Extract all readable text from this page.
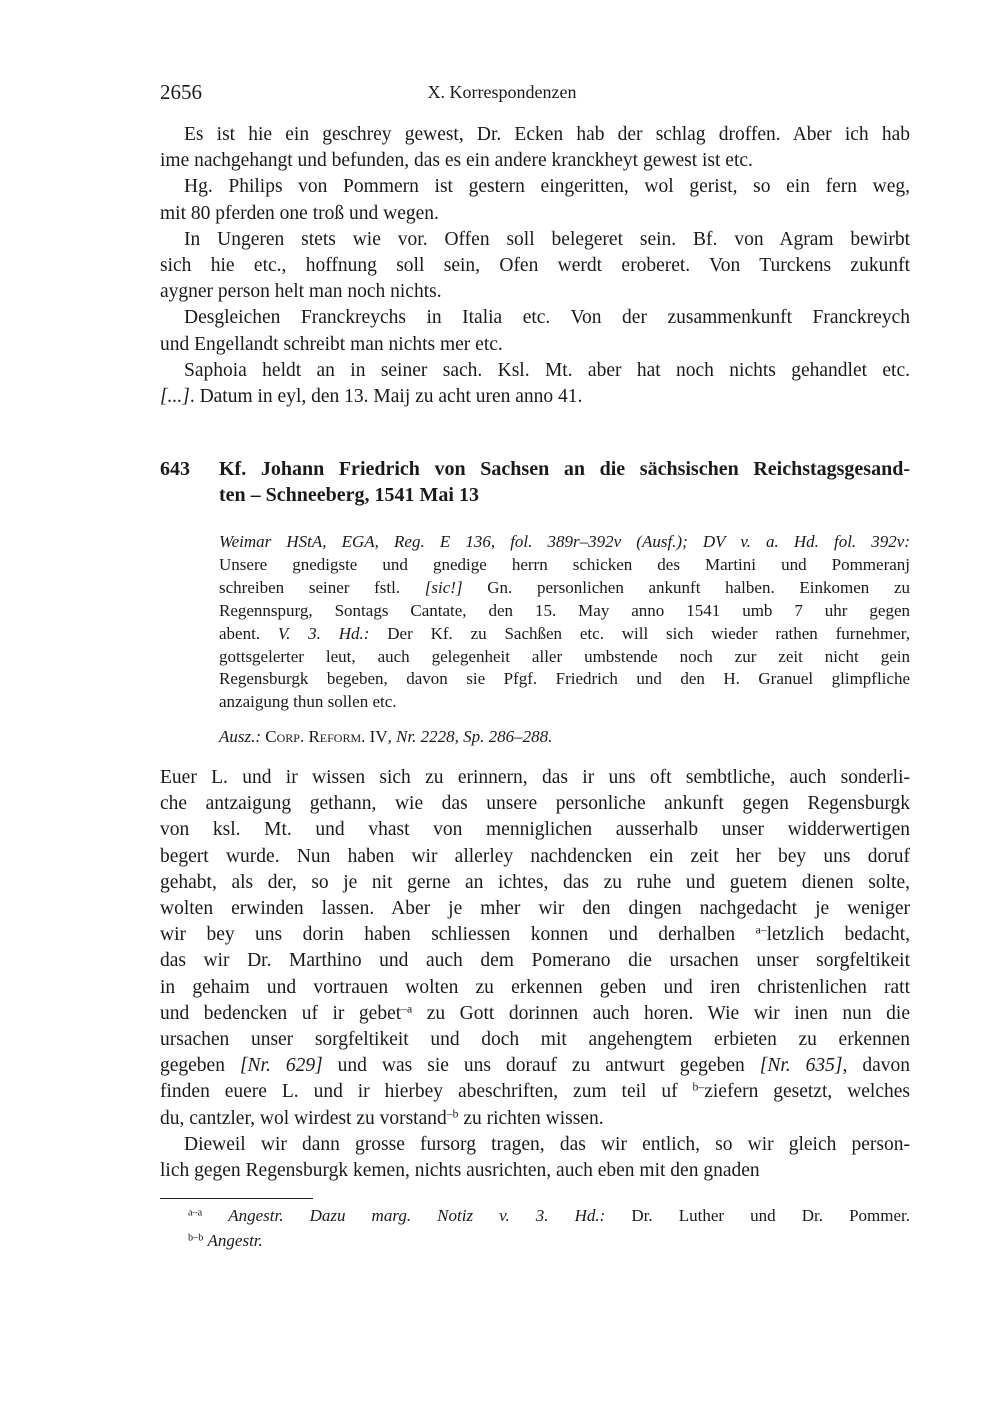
2656	X. Korrespondenzen
Es ist hie ein geschrey gewest, Dr. Ecken hab der schlag droffen. Aber ich hab
ime nachgehangt und befunden, das es ein andere kranckheyt gewest ist etc.
Hg. Philips von Pommern ist gestern eingeritten, wol gerist, so ein fern weg,
mit 80 pferden one troß und wegen.
In Ungeren stets wie vor. Offen soll belegeret sein. Bf. von Agram bewirbt
sich hie etc., hoffnung soll sein, Ofen werdt eroberet. Von Turckens zukunft
aygner person helt man noch nichts.
Desgleichen Franckreychs in Italia etc. Von der zusammenkunft Franckreych
und Engellandt schreibt man nichts mer etc.
Saphoia heldt an in seiner sach. Ksl. Mt. aber hat noch nichts gehandlet etc.
[...]. Datum in eyl, den 13. Maij zu acht uren anno 41.
643 Kf. Johann Friedrich von Sachsen an die sächsischen Reichstagsgesand-
ten – Schneeberg, 1541 Mai 13
Weimar HStA, EGA, Reg. E 136, fol. 389r–392v (Ausf.); DV v. a. Hd. fol. 392v:
Unsere gnedigste und gnedige herrn schicken des Martini und Pommeranj
schreiben seiner fstl. [sic!] Gn. personlichen ankunft halben. Einkomen zu
Regennspurg, Sontags Cantate, den 15. May anno 1541 umb 7 uhr gegen
abent. V. 3. Hd.: Der Kf. zu Sachßen etc. will sich wieder rathen furnehmer,
gottsgelerter leut, auch gelegenheit aller umbstende noch zur zeit nicht gein
Regensburgk begeben, davon sie Pfgf. Friedrich und den H. Granuel glimpfliche
anzaigung thun sollen etc.
Ausz.: Corp. Reform. IV, Nr. 2228, Sp. 286–288.
Euer L. und ir wissen sich zu erinnern, das ir uns oft sembtliche, auch sonderli-
che antzaigung gethann, wie das unsere personliche ankunft gegen Regensburgk
von ksl. Mt. und vhast von menniglichen ausserhalb unser widderwertigen
begert wurde. Nun haben wir allerley nachdencken ein zeit her bey uns doruf
gehabt, als der, so je nit gerne an ichtes, das zu ruhe und guetem dienen solte,
wolten erwinden lassen. Aber je mher wir den dingen nachgedacht je weniger
wir bey uns dorin haben schliessen konnen und derhalben $^{a-}$letzlich bedacht,
das wir Dr. Marthino und auch dem Pomerano die ursachen unser sorgfeltikeit
in gehaim und vortrauen wolten zu erkennen geben und iren christenlichen ratt
und bedencken uf ir gebet$^{-a}$ zu Gott dorinnen auch horen. Wie wir inen nun die
ursachen unser sorgfeltikeit und doch mit angehengtem erbieten zu erkennen
gegeben [Nr. 629] und was sie uns dorauf zu antwurt gegeben [Nr. 635], davon
finden euere L. und ir hierbey abeschriften, zum teil uf $^{b-}$ziefern gesetzt, welches
du, cantzler, wol wirdest zu vorstand$^{-b}$ zu richten wissen.
Dieweil wir dann grosse fursorg tragen, das wir entlich, so wir gleich person-
lich gegen Regensburgk kemen, nichts ausrichten, auch eben mit den gnaden
$^{a-a}$ Angestr. Dazu marg. Notiz v. 3. Hd.: Dr. Luther und Dr. Pommer.
$^{b-b}$ Angestr.
